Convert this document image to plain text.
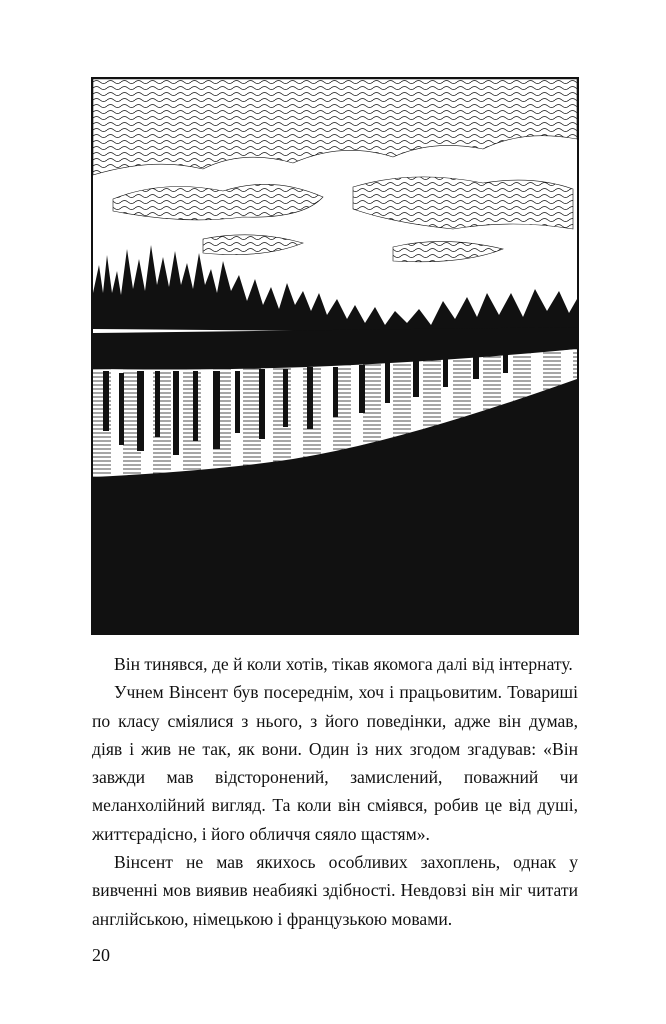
Він тинявся, де й коли хотів, тікав якомога далі від інтернату.

Учнем Вінсент був посереднім, хоч і працьовитим. Товариші по класу сміялися з нього, з його поведінки, адже він думав, діяв і жив не так, як вони. Один із них згодом згадував: «Він завжди мав відсторонений, замислений, поважний чи меланхолійний вигляд. Та коли він сміявся, робив це від душі, життєрадісно, і його обличчя сяяло щастям».

Вінсент не мав якихось особливих захоплень, однак у вивченні мов виявив неабиякі здібності. Невдовзі він міг читати англійською, німецькою і французькою мовами.

20
